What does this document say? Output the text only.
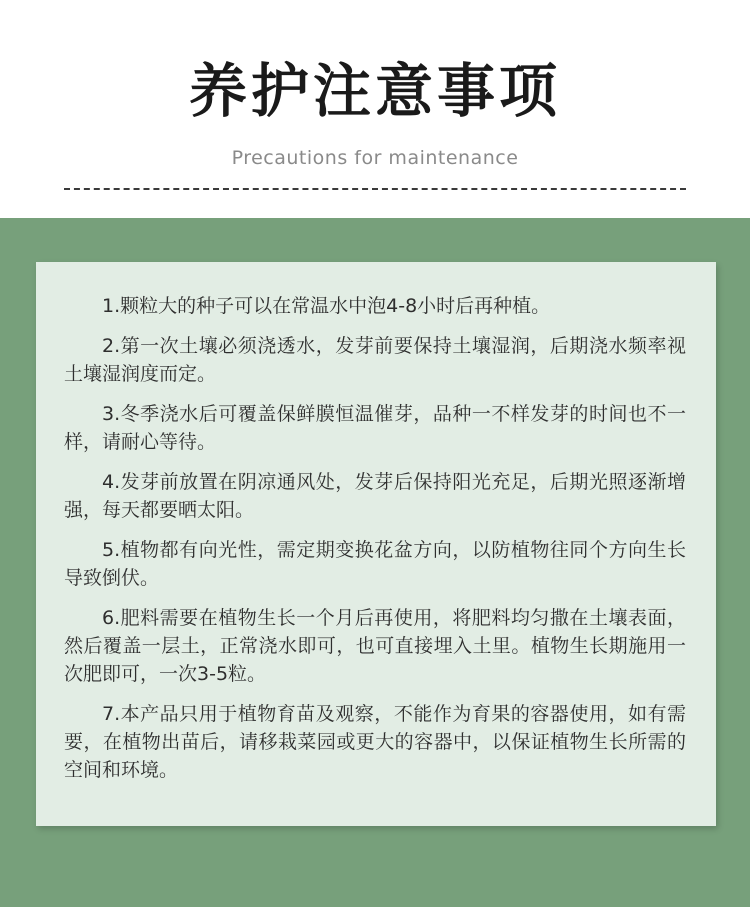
养护注意事项
Precautions for maintenance

1.颗粒大的种子可以在常温水中泡4-8小时后再种植。

2.第一次土壤必须浇透水，发芽前要保持土壤湿润，后期浇水频率视土壤湿润度而定。

3.冬季浇水后可覆盖保鲜膜恒温催芽，品种一不样发芽的时间也不一样，请耐心等待。

4.发芽前放置在阴凉通风处，发芽后保持阳光充足，后期光照逐渐增强，每天都要晒太阳。

5.植物都有向光性，需定期变换花盆方向，以防植物往同个方向生长导致倒伏。

6.肥料需要在植物生长一个月后再使用，将肥料均匀撒在土壤表面，然后覆盖一层土，正常浇水即可，也可直接埋入土里。植物生长期施用一次肥即可，一次3-5粒。

7.本产品只用于植物育苗及观察，不能作为育果的容器使用，如有需要，在植物出苗后，请移栽菜园或更大的容器中，以保证植物生长所需的空间和环境。
